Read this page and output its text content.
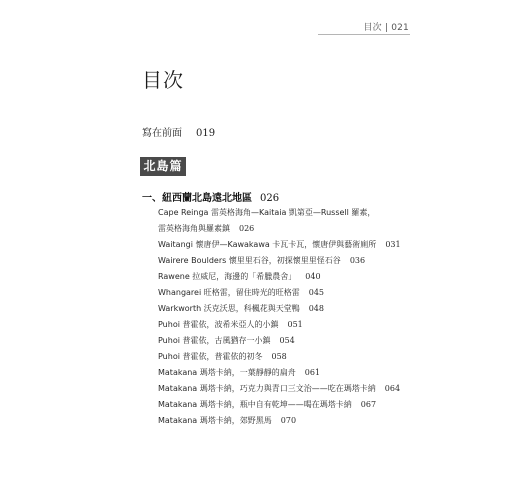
目次 | 021
目次
寫在前面 019
北島篇
一、紐西蘭北島遠北地區 026
Cape Reinga 雷英格海角—Kaitaia 凱第亞—Russell 羅素，
雷英格海角與羅素鎮 026
Waitangi 懷唐伊—Kawakawa 卡瓦卡瓦，懷唐伊與藝術廁所 031
Wairere Boulders 懷里里石谷，初探懷里里怪石谷 036
Rawene 拉威尼，海邊的「希臘農舍」 040
Whangarei 旺格雷，留住時光的旺格雷 045
Warkworth 沃克沃思，科楓花與天堂鴨 048
Puhoi 普霍依，波希米亞人的小鎮 051
Puhoi 普霍依，古風猶存一小鎮 054
Puhoi 普霍依，普霍依的初冬 058
Matakana 瑪塔卡納，一葉靜靜的扁舟 061
Matakana 瑪塔卡納，巧克力與青口三文治——吃在瑪塔卡納 064
Matakana 瑪塔卡納，瓶中自有乾坤——喝在瑪塔卡納 067
Matakana 瑪塔卡納，郊野黑馬 070
